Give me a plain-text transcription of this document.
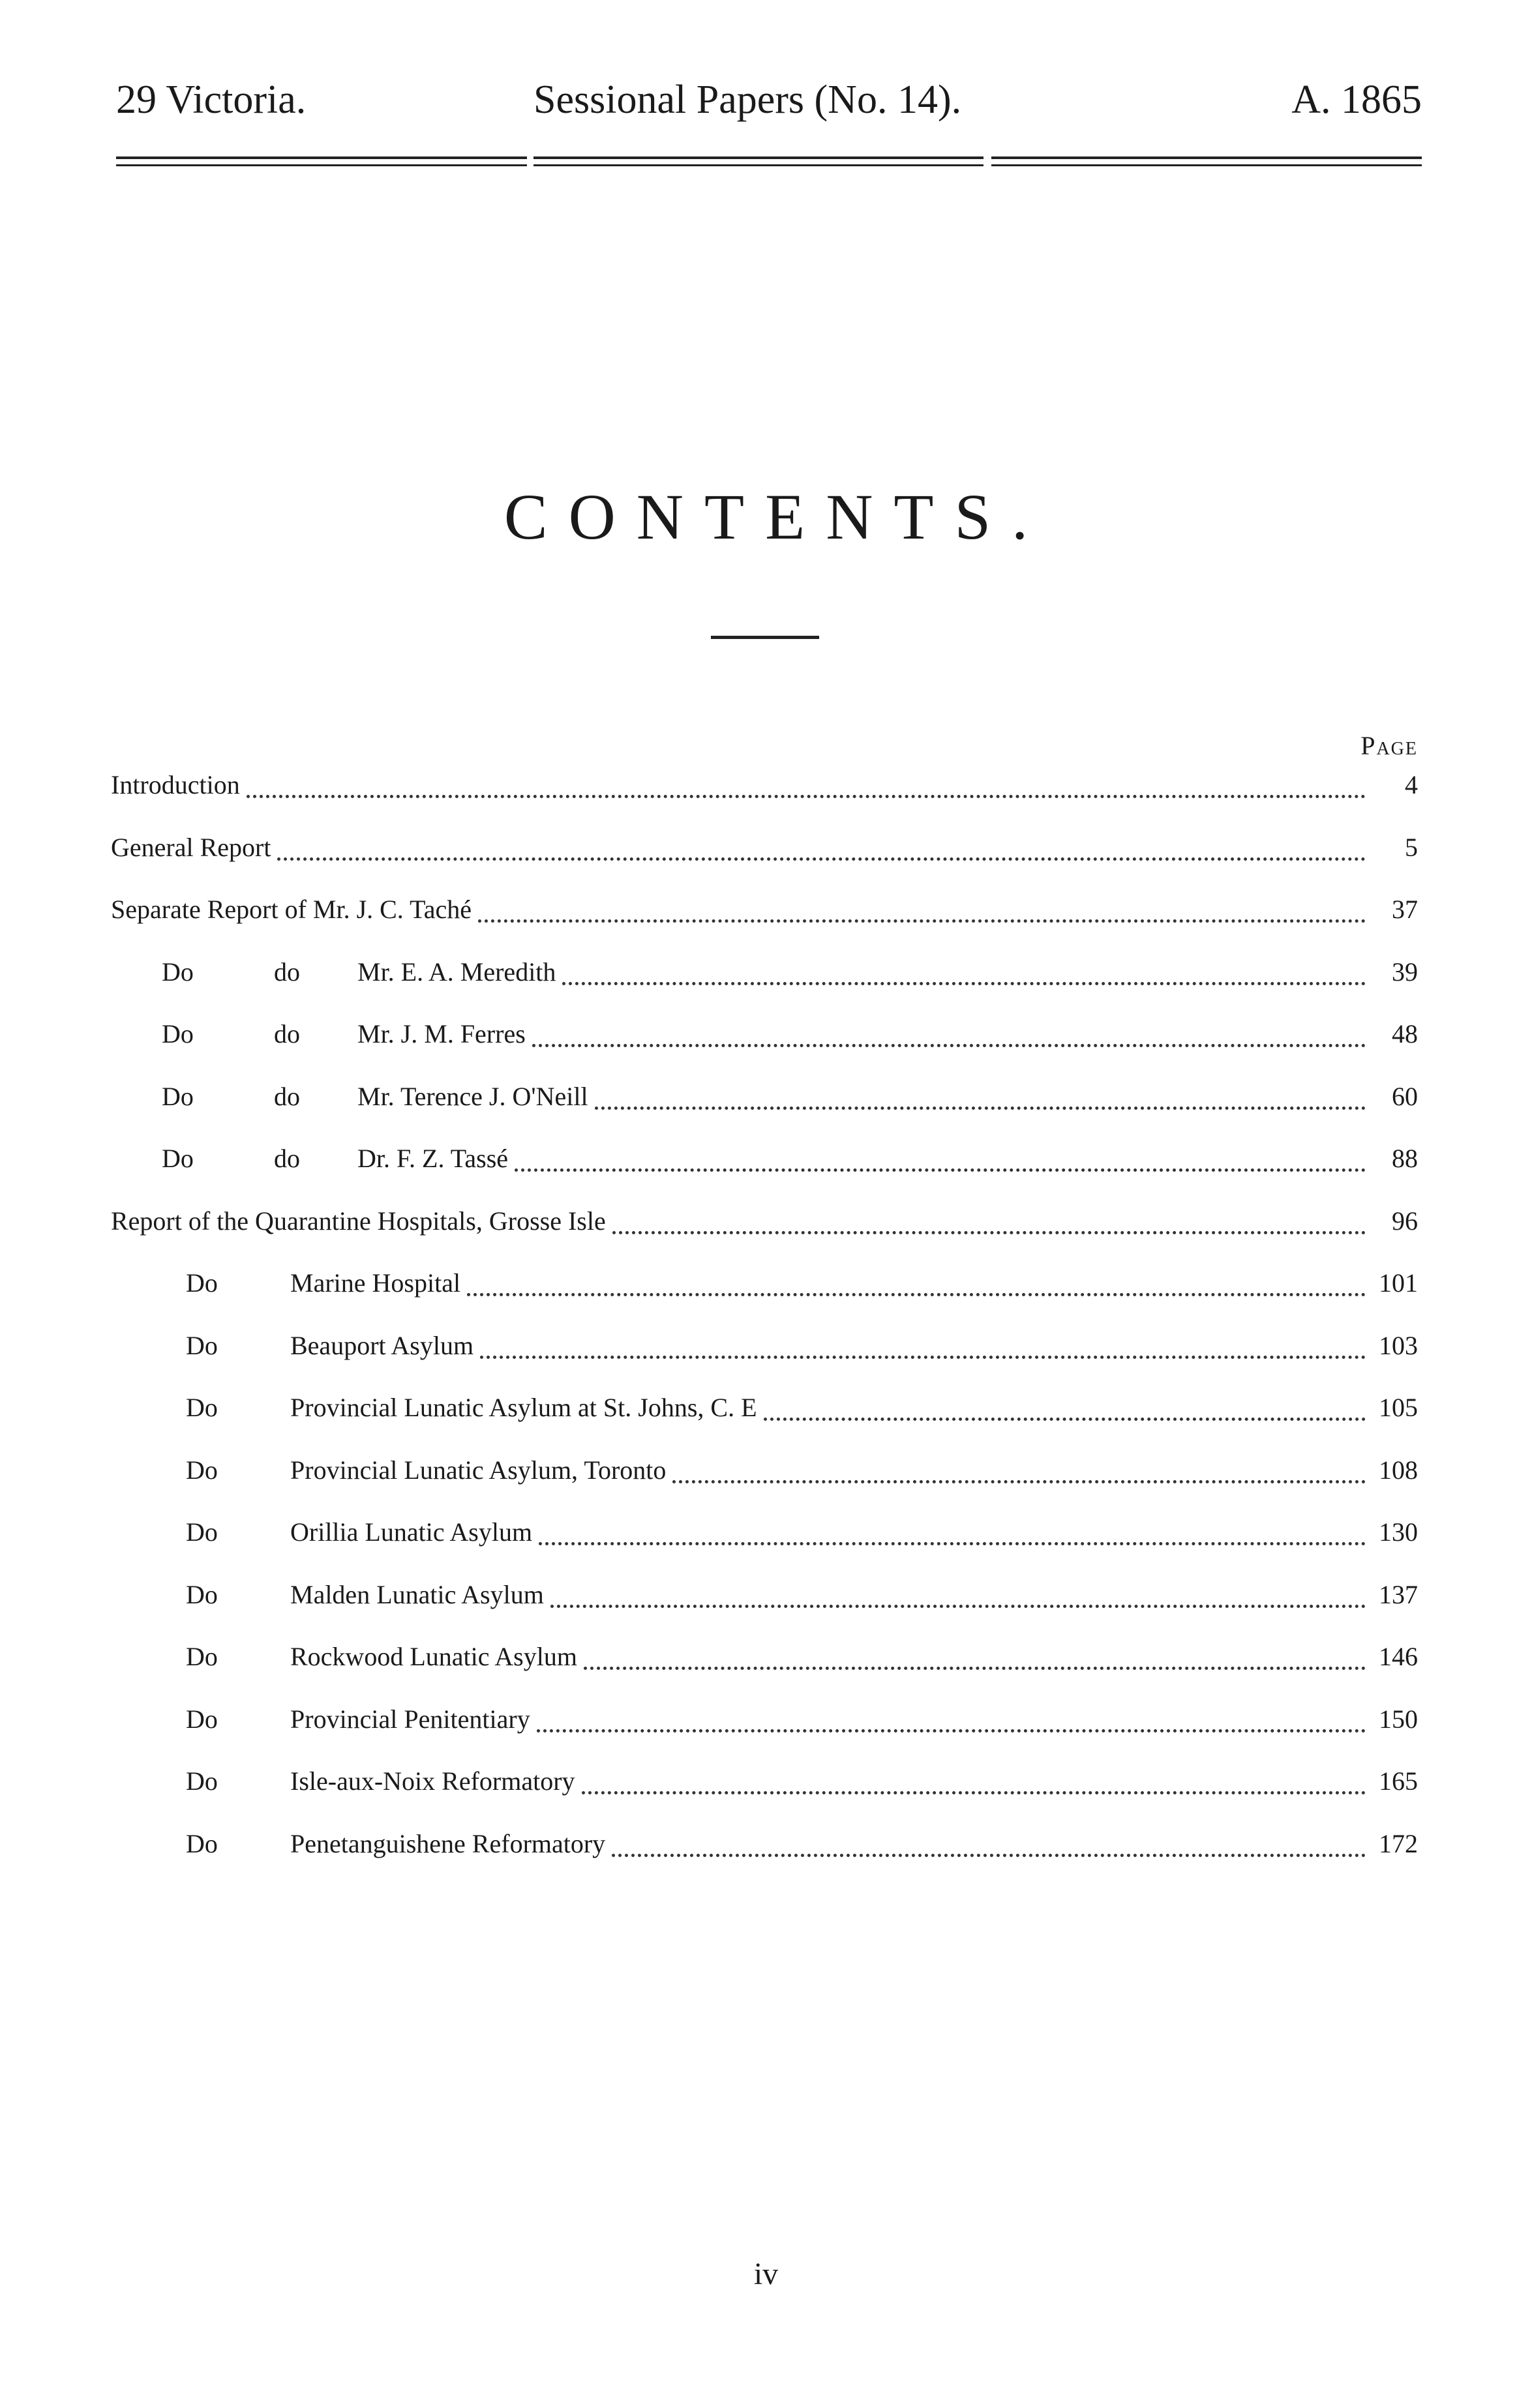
29 Victoria.	Sessional Papers (No. 14).	A. 1865
CONTENTS.
Page
Introduction	4
General Report	5
Separate Report of Mr. J. C. Taché	37
Do	do	Mr. E. A. Meredith	39
Do	do	Mr. J. M. Ferres	48
Do	do	Mr. Terence J. O'Neill	60
Do	do	Dr. F. Z. Tassé	88
Report of the Quarantine Hospitals, Grosse Isle	96
Do	Marine Hospital	101
Do	Beauport Asylum	103
Do	Provincial Lunatic Asylum at St. Johns, C. E	105
Do	Provincial Lunatic Asylum, Toronto	108
Do	Orillia Lunatic Asylum	130
Do	Malden Lunatic Asylum	137
Do	Rockwood Lunatic Asylum	146
Do	Provincial Penitentiary	150
Do	Isle-aux-Noix Reformatory	165
Do	Penetanguishene Reformatory	172
iv
